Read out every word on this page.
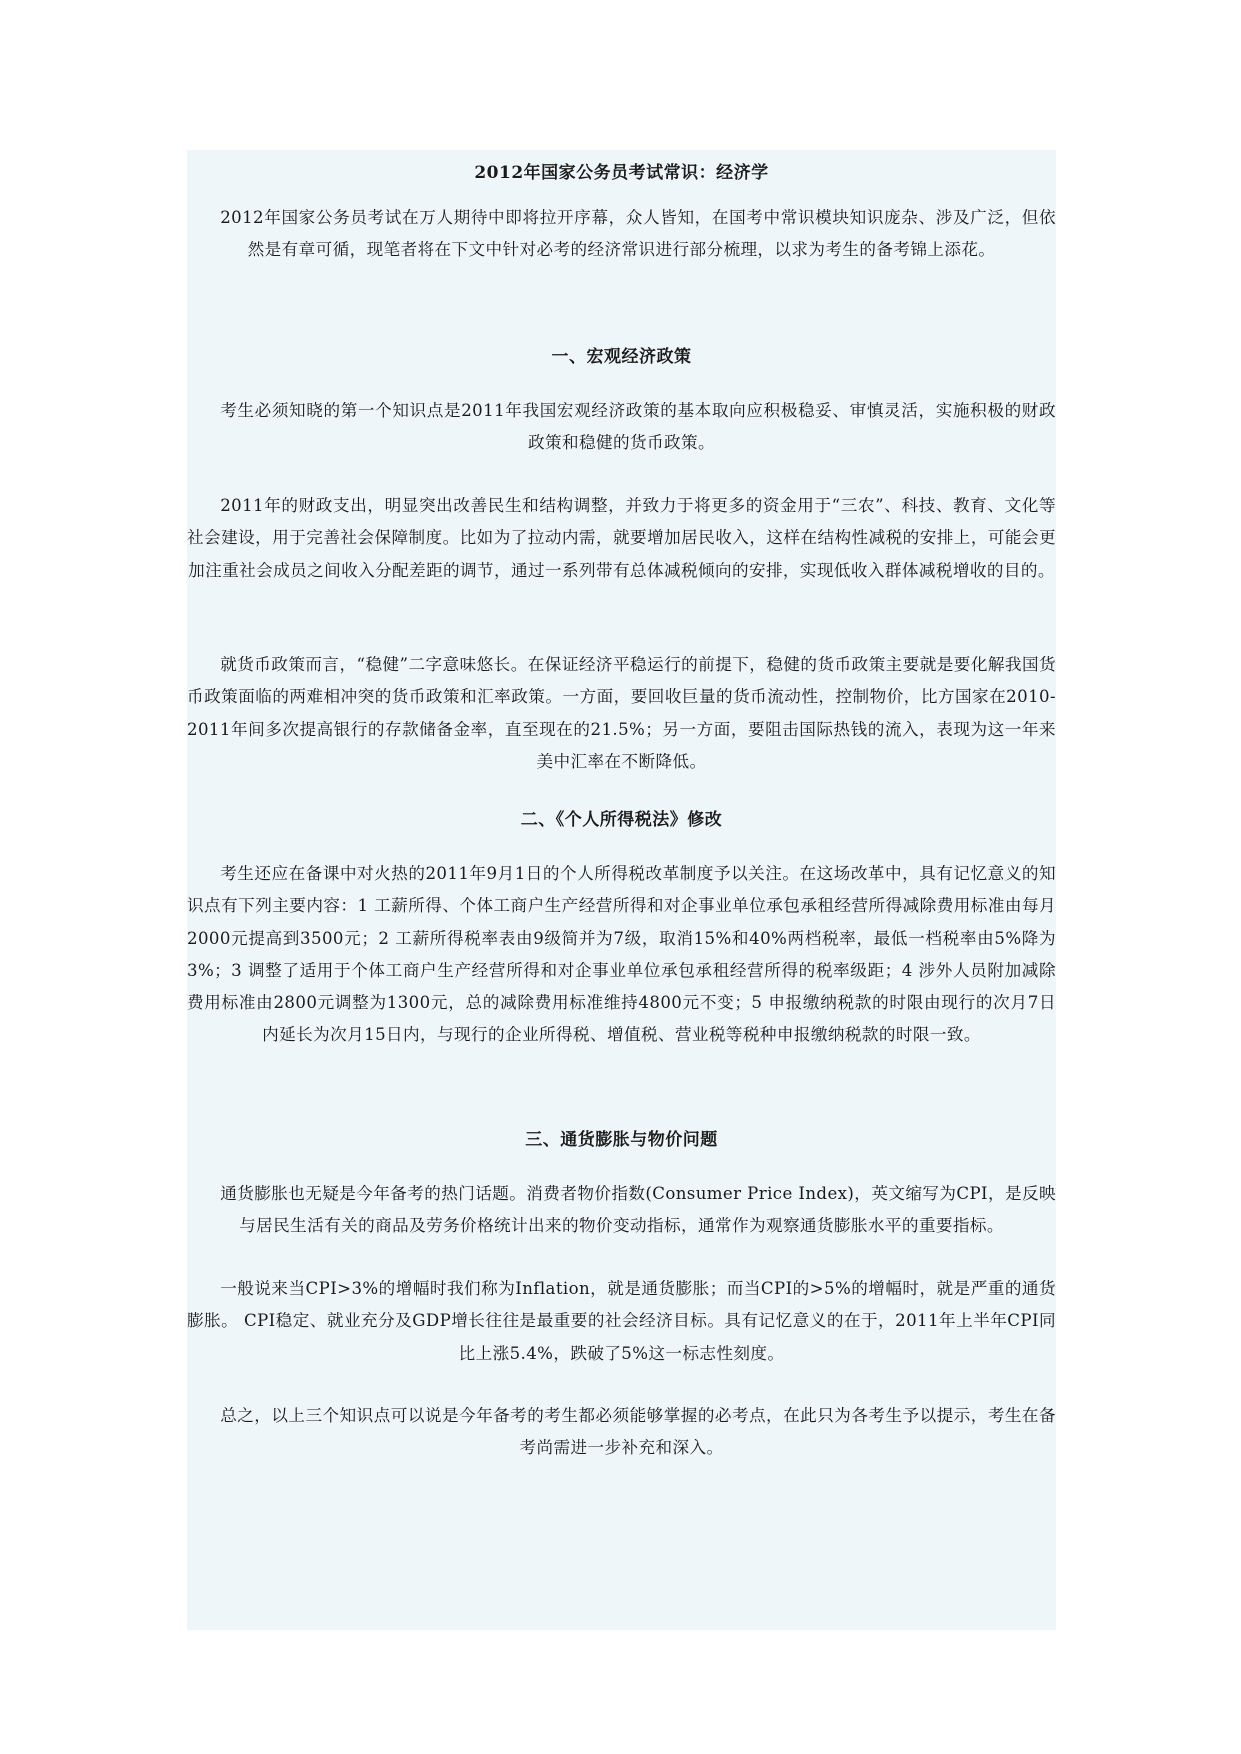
2012年国家公务员考试常识：经济学
2012年国家公务员考试在万人期待中即将拉开序幕，众人皆知，在国考中常识模块知识庞杂、涉及广泛，但依然是有章可循，现笔者将在下文中针对必考的经济常识进行部分梳理，以求为考生的备考锦上添花。
一、宏观经济政策
考生必须知晓的第一个知识点是2011年我国宏观经济政策的基本取向应积极稳妥、审慎灵活，实施积极的财政政策和稳健的货币政策。
2011年的财政支出，明显突出改善民生和结构调整，并致力于将更多的资金用于“三农”、科技、教育、文化等社会建设，用于完善社会保障制度。比如为了拉动内需，就要增加居民收入，这样在结构性减税的安排上，可能会更加注重社会成员之间收入分配差距的调节，通过一系列带有总体减税倾向的安排，实现低收入群体减税增收的目的。
就货币政策而言，“稳健”二字意味悠长。在保证经济平稳运行的前提下，稳健的货币政策主要就是要化解我国货币政策面临的两难相冲突的货币政策和汇率政策。一方面，要回收巨量的货币流动性，控制物价，比方国家在2010-2011年间多次提高银行的存款储备金率，直至现在的21.5%；另一方面，要阻击国际热钱的流入，表现为这一年来美中汇率在不断降低。
二、《个人所得税法》修改
考生还应在备课中对火热的2011年9月1日的个人所得税改革制度予以关注。在这场改革中，具有记忆意义的知识点有下列主要内容：1 工薪所得、个体工商户生产经营所得和对企事业单位承包承租经营所得减除费用标准由每月2000元提高到3500元；2 工薪所得税率表由9级简并为7级，取消15%和40%两档税率，最低一档税率由5%降为3%；3 调整了适用于个体工商户生产经营所得和对企事业单位承包承租经营所得的税率级距；4 涉外人员附加减除费用标准由2800元调整为1300元，总的减除费用标准维持4800元不变；5 申报缴纳税款的时限由现行的次月7日内延长为次月15日内，与现行的企业所得税、增值税、营业税等税种申报缴纳税款的时限一致。
三、通货膨胀与物价问题
通货膨胀也无疑是今年备考的热门话题。消费者物价指数(Consumer Price Index)，英文缩写为CPI，是反映与居民生活有关的商品及劳务价格统计出来的物价变动指标，通常作为观察通货膨胀水平的重要指标。
一般说来当CPI>3%的增幅时我们称为Inflation，就是通货膨胀；而当CPI的>5%的增幅时，就是严重的通货膨胀。 CPI稳定、就业充分及GDP增长往往是最重要的社会经济目标。具有记忆意义的在于，2011年上半年CPI同比上涨5.4%，跌破了5%这一标志性刻度。
总之，以上三个知识点可以说是今年备考的考生都必须能够掌握的必考点，在此只为各考生予以提示，考生在备考尚需进一步补充和深入。
